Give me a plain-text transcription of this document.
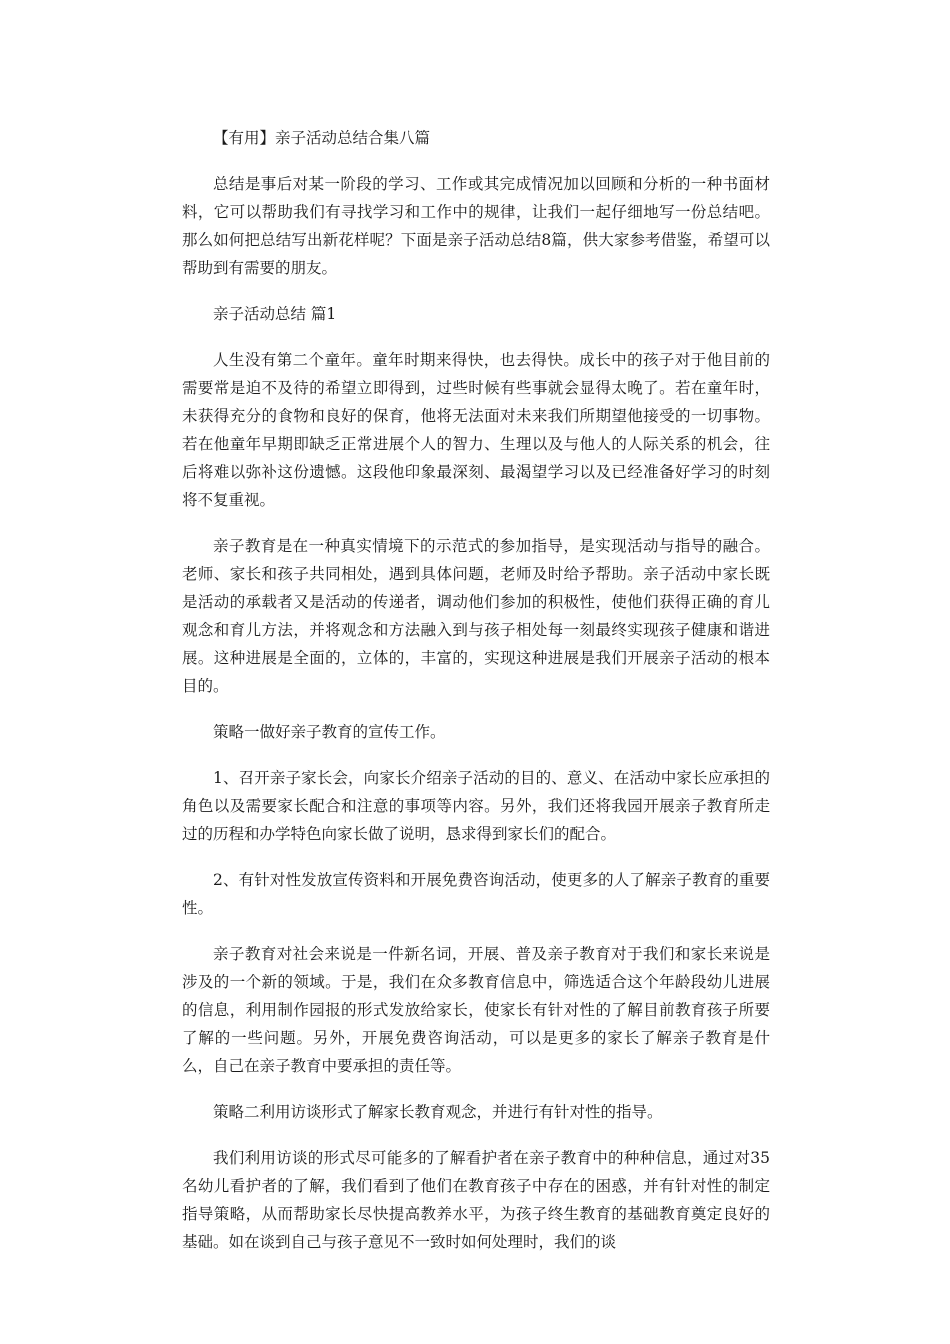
【有用】亲子活动总结合集八篇

总结是事后对某一阶段的学习、工作或其完成情况加以回顾和分析的一种书面材料，它可以帮助我们有寻找学习和工作中的规律，让我们一起仔细地写一份总结吧。那么如何把总结写出新花样呢？下面是亲子活动总结8篇，供大家参考借鉴，希望可以帮助到有需要的朋友。

亲子活动总结 篇1

人生没有第二个童年。童年时期来得快，也去得快。成长中的孩子对于他目前的需要常是迫不及待的希望立即得到，过些时候有些事就会显得太晚了。若在童年时，未获得充分的食物和良好的保育，他将无法面对未来我们所期望他接受的一切事物。若在他童年早期即缺乏正常进展个人的智力、生理以及与他人的人际关系的机会，往后将难以弥补这份遗憾。这段他印象最深刻、最渴望学习以及已经准备好学习的时刻将不复重视。

亲子教育是在一种真实情境下的示范式的参加指导，是实现活动与指导的融合。老师、家长和孩子共同相处，遇到具体问题，老师及时给予帮助。亲子活动中家长既是活动的承载者又是活动的传递者，调动他们参加的积极性，使他们获得正确的育儿观念和育儿方法，并将观念和方法融入到与孩子相处每一刻最终实现孩子健康和谐进展。这种进展是全面的，立体的，丰富的，实现这种进展是我们开展亲子活动的根本目的。

策略一做好亲子教育的宣传工作。

1、召开亲子家长会，向家长介绍亲子活动的目的、意义、在活动中家长应承担的角色以及需要家长配合和注意的事项等内容。另外，我们还将我园开展亲子教育所走过的历程和办学特色向家长做了说明，恳求得到家长们的配合。

2、有针对性发放宣传资料和开展免费咨询活动，使更多的人了解亲子教育的重要性。

亲子教育对社会来说是一件新名词，开展、普及亲子教育对于我们和家长来说是涉及的一个新的领域。于是，我们在众多教育信息中，筛选适合这个年龄段幼儿进展的信息，利用制作园报的形式发放给家长，使家长有针对性的了解目前教育孩子所要了解的一些问题。另外，开展免费咨询活动，可以是更多的家长了解亲子教育是什么，自己在亲子教育中要承担的责任等。

策略二利用访谈形式了解家长教育观念，并进行有针对性的指导。

我们利用访谈的形式尽可能多的了解看护者在亲子教育中的种种信息，通过对35名幼儿看护者的了解，我们看到了他们在教育孩子中存在的困惑，并有针对性的制定指导策略，从而帮助家长尽快提高教养水平，为孩子终生教育的基础教育奠定良好的基础。如在谈到自己与孩子意见不一致时如何处理时，我们的谈
